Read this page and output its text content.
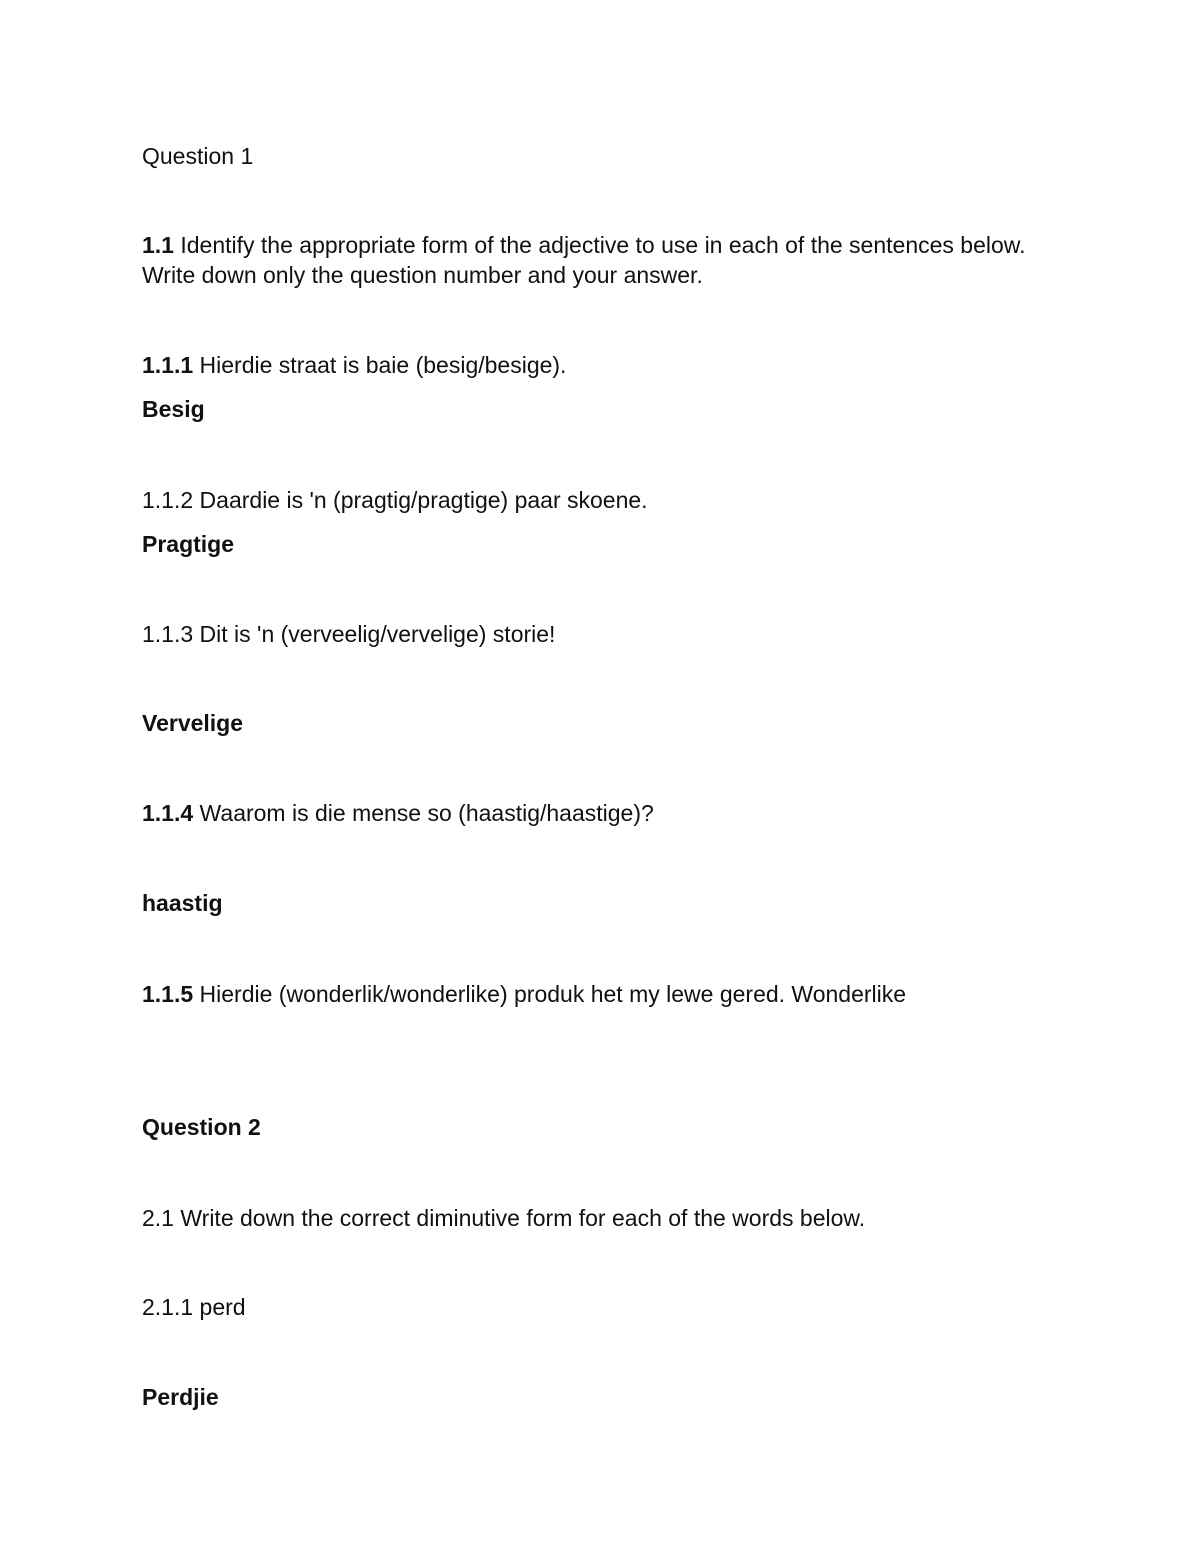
Question 1
1.1 Identify the appropriate form of the adjective to use in each of the sentences below.
Write down only the question number and your answer.
1.1.1 Hierdie straat is baie (besig/besige).
Besig
1.1.2 Daardie is 'n (pragtig/pragtige) paar skoene.
Pragtige
1.1.3 Dit is 'n (verveelig/vervelige) storie!
Vervelige
1.1.4 Waarom is die mense so (haastig/haastige)?
haastig
1.1.5 Hierdie (wonderlik/wonderlike) produk het my lewe gered. Wonderlike
Question 2
2.1 Write down the correct diminutive form for each of the words below.
2.1.1 perd
Perdjie
